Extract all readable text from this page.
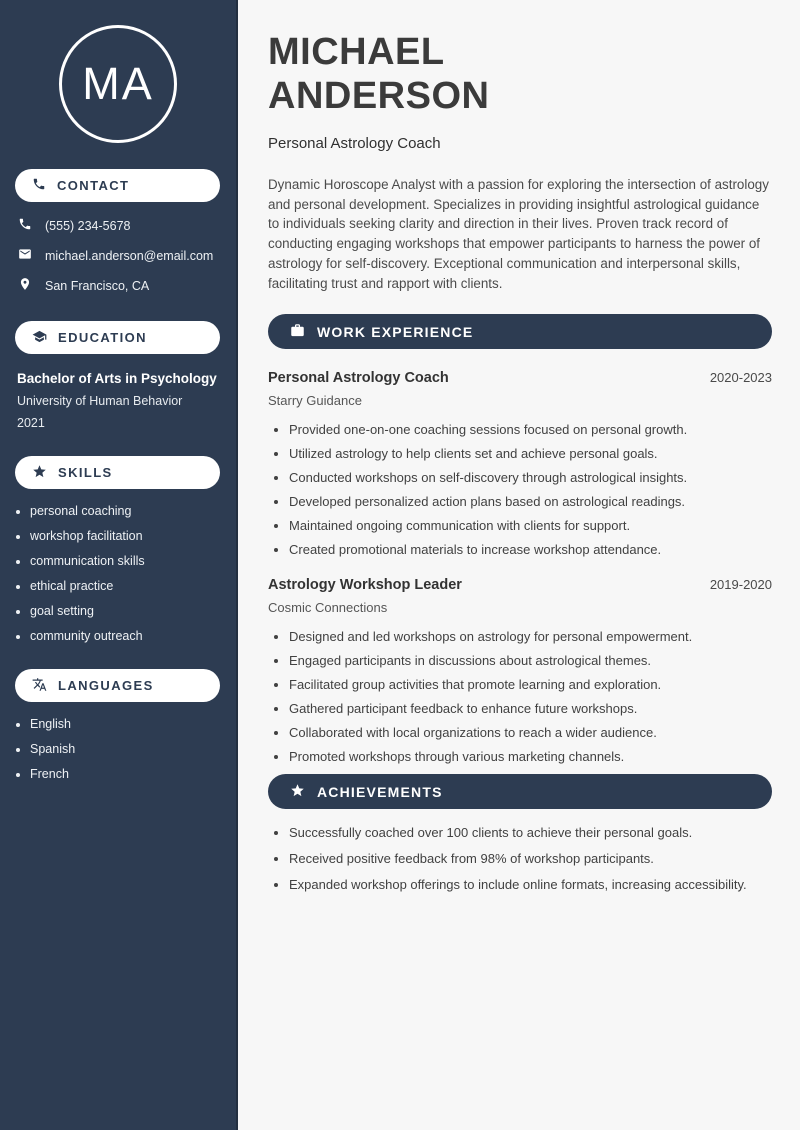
MA
CONTACT
(555) 234-5678
michael.anderson@email.com
San Francisco, CA
EDUCATION
Bachelor of Arts in Psychology
University of Human Behavior
2021
SKILLS
• personal coaching
• workshop facilitation
• communication skills
• ethical practice
• goal setting
• community outreach
LANGUAGES
• English
• Spanish
• French
MICHAEL
ANDERSON
Personal Astrology Coach

Dynamic Horoscope Analyst with a passion for exploring the intersection of astrology and personal development. Specializes in providing insightful astrological guidance to individuals seeking clarity and direction in their lives. Proven track record of conducting engaging workshops that empower participants to harness the power of astrology for self-discovery. Exceptional communication and interpersonal skills, facilitating trust and rapport with clients.

WORK EXPERIENCE
Personal Astrology Coach	2020-2023
Starry Guidance
• Provided one-on-one coaching sessions focused on personal growth.
• Utilized astrology to help clients set and achieve personal goals.
• Conducted workshops on self-discovery through astrological insights.
• Developed personalized action plans based on astrological readings.
• Maintained ongoing communication with clients for support.
• Created promotional materials to increase workshop attendance.
Astrology Workshop Leader	2019-2020
Cosmic Connections
• Designed and led workshops on astrology for personal empowerment.
• Engaged participants in discussions about astrological themes.
• Facilitated group activities that promote learning and exploration.
• Gathered participant feedback to enhance future workshops.
• Collaborated with local organizations to reach a wider audience.
• Promoted workshops through various marketing channels.
ACHIEVEMENTS
• Successfully coached over 100 clients to achieve their personal goals.
• Received positive feedback from 98% of workshop participants.
• Expanded workshop offerings to include online formats, increasing accessibility.
